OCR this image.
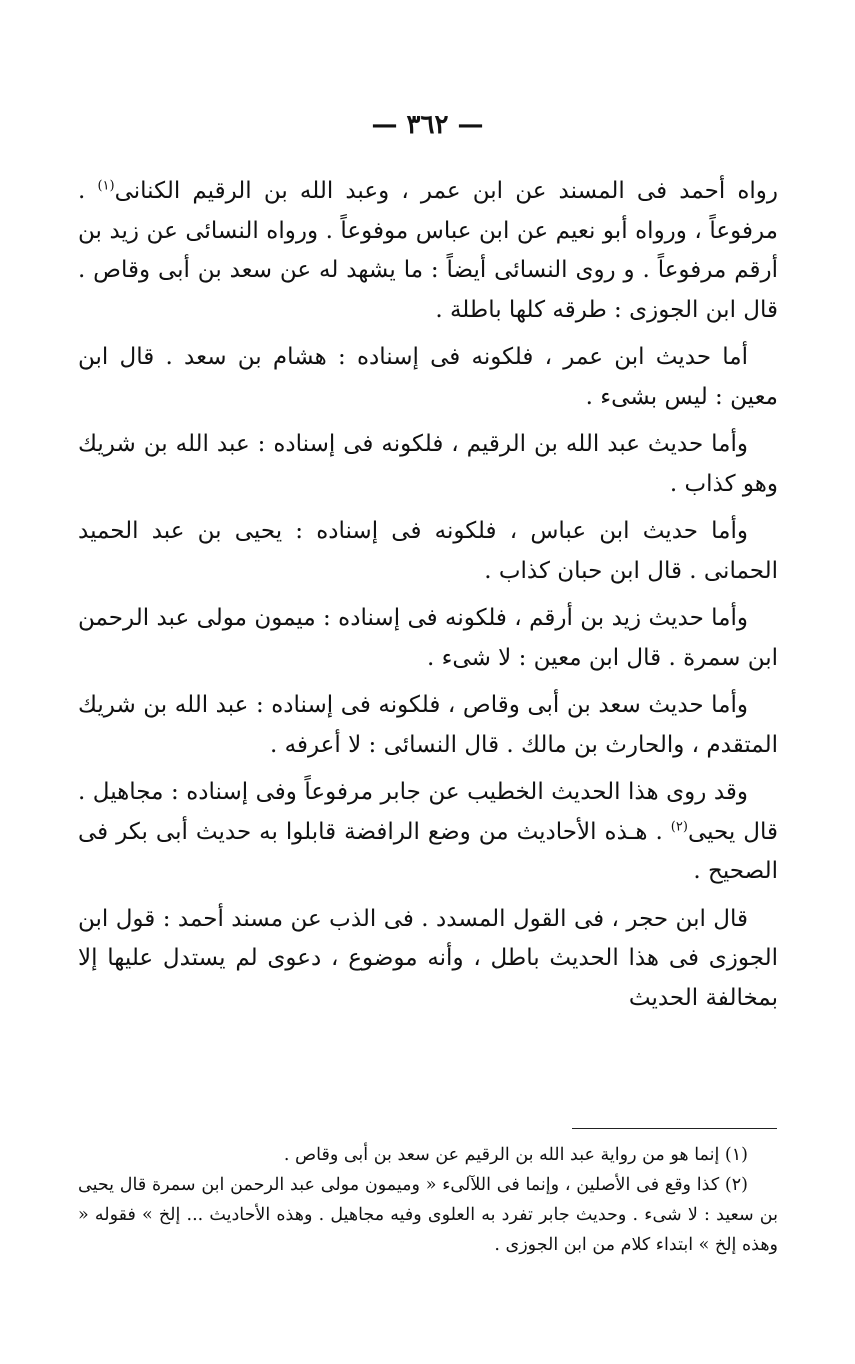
— ٣٦٢ —

رواه أحمد فى المسند عن ابن عمر ، وعبد الله بن الرقيم الكنانى$^{(١)}$ . مرفوعاً ، ورواه أبو نعيم عن ابن عباس موفوعاً . ورواه النسائى عن زيد بن أرقم مرفوعاً . و روى النسائى أيضاً : ما يشهد له عن سعد بن أبى وقاص . قال ابن الجوزى : طرقه كلها باطلة .

أما حديث ابن عمر ، فلكونه فى إسناده : هشام بن سعد . قال ابن معين : ليس بشىء .

وأما حديث عبد الله بن الرقيم ، فلكونه فى إسناده : عبد الله بن شريك وهو كذاب .

وأما حديث ابن عباس ، فلكونه فى إسناده : يحيى بن عبد الحميد الحمانى . قال ابن حبان كذاب .

وأما حديث زيد بن أرقم ، فلكونه فى إسناده : ميمون مولى عبد الرحمن ابن سمرة . قال ابن معين : لا شىء .

وأما حديث سعد بن أبى وقاص ، فلكونه فى إسناده : عبد الله بن شريك المتقدم ، والحارث بن مالك . قال النسائى : لا أعرفه .

وقد روى هذا الحديث الخطيب عن جابر مرفوعاً وفى إسناده : مجاهيل . قال يحيى$^{(٢)}$ . هـذه الأحاديث من وضع الرافضة قابلوا به حديث أبى بكر فى الصحيح .

قال ابن حجر ، فى القول المسدد . فى الذب عن مسند أحمد : قول ابن الجوزى فى هذا الحديث باطل ، وأنه موضوع ، دعوى لم يستدل عليها إلا بمخالفة الحديث

(١) إنما هو من رواية عبد الله بن الرقيم عن سعد بن أبى وقاص .

(٢) كذا وقع فى الأصلين ، وإنما فى اللآلىء « وميمون مولى عبد الرحمن ابن سمرة قال يحيى بن سعيد : لا شىء . وحديث جابر تفرد به العلوى وفيه مجاهيل . وهذه الأحاديث ... إلخ » فقوله « وهذه إلخ » ابتداء كلام من ابن الجوزى .
